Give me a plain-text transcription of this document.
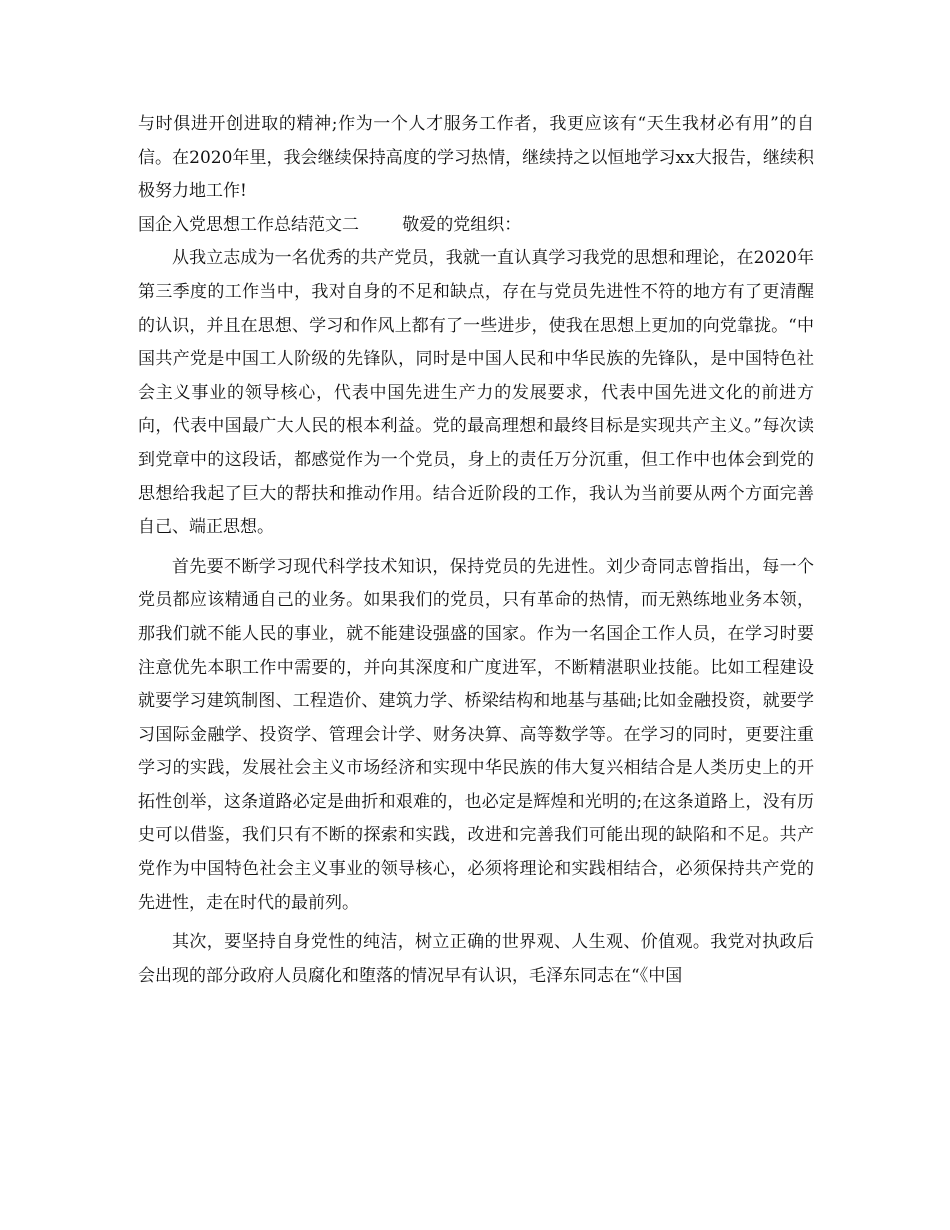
与时俱进开创进取的精神;作为一个人才服务工作者，我更应该有“天生我材必有用”的自信。在2020年里，我会继续保持高度的学习热情，继续持之以恒地学习xx大报告，继续积极努力地工作!

国企入党思想工作总结范文二	敬爱的党组织：

从我立志成为一名优秀的共产党员，我就一直认真学习我党的思想和理论，在2020年第三季度的工作当中，我对自身的不足和缺点，存在与党员先进性不符的地方有了更清醒的认识，并且在思想、学习和作风上都有了一些进步，使我在思想上更加的向党靠拢。“中国共产党是中国工人阶级的先锋队，同时是中国人民和中华民族的先锋队，是中国特色社会主义事业的领导核心，代表中国先进生产力的发展要求，代表中国先进文化的前进方向，代表中国最广大人民的根本利益。党的最高理想和最终目标是实现共产主义。”每次读到党章中的这段话，都感觉作为一个党员，身上的责任万分沉重，但工作中也体会到党的思想给我起了巨大的帮扶和推动作用。结合近阶段的工作，我认为当前要从两个方面完善自己、端正思想。

首先要不断学习现代科学技术知识，保持党员的先进性。刘少奇同志曾指出，每一个党员都应该精通自己的业务。如果我们的党员，只有革命的热情，而无熟练地业务本领，那我们就不能人民的事业，就不能建设强盛的国家。作为一名国企工作人员，在学习时要注意优先本职工作中需要的，并向其深度和广度进军，不断精湛职业技能。比如工程建设就要学习建筑制图、工程造价、建筑力学、桥梁结构和地基与基础;比如金融投资，就要学习国际金融学、投资学、管理会计学、财务决算、高等数学等。在学习的同时，更要注重学习的实践，发展社会主义市场经济和实现中华民族的伟大复兴相结合是人类历史上的开拓性创举，这条道路必定是曲折和艰难的，也必定是辉煌和光明的;在这条道路上，没有历史可以借鉴，我们只有不断的探索和实践，改进和完善我们可能出现的缺陷和不足。共产党作为中国特色社会主义事业的领导核心，必须将理论和实践相结合，必须保持共产党的先进性，走在时代的最前列。

其次，要坚持自身党性的纯洁，树立正确的世界观、人生观、价值观。我党对执政后会出现的部分政府人员腐化和堕落的情况早有认识，毛泽东同志在“《中国
